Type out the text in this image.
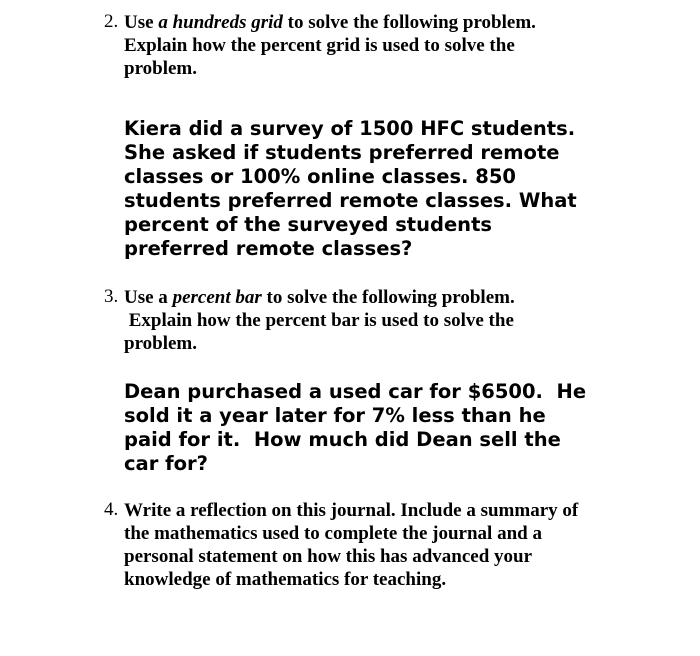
2. Use a hundreds grid to solve the following problem.
Explain how the percent grid is used to solve the
problem.
Kiera did a survey of 1500 HFC students.
She asked if students preferred remote
classes or 100% online classes. 850
students preferred remote classes. What
percent of the surveyed students
preferred remote classes?
3. Use a percent bar to solve the following problem.
Explain how the percent bar is used to solve the
problem.
Dean purchased a used car for $6500.  He
sold it a year later for 7% less than he
paid for it.  How much did Dean sell the
car for?
4. Write a reflection on this journal. Include a summary of
the mathematics used to complete the journal and a
personal statement on how this has advanced your
knowledge of mathematics for teaching.
